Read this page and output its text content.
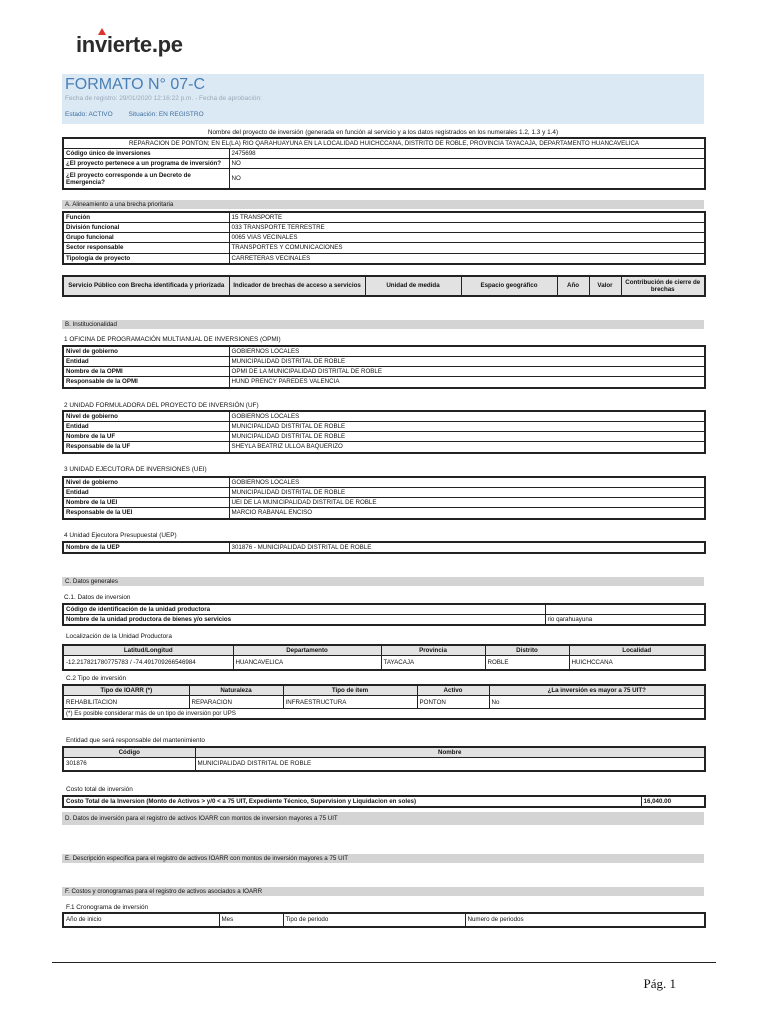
invierte.pe
FORMATO N° 07-C
Fecha de registro: 29/01/2020 12:16:22 p.m. - Fecha de aprobación:
Estado: ACTIVO Situación: EN REGISTRO
Nombre del proyecto de inversión (generada en función al servicio y a los datos registrados en los numerales 1.2, 1.3 y 1.4)
REPARACION DE PONTON; EN EL(LA) RIO QARAHUAYUNA EN LA LOCALIDAD HUICHCCANA, DISTRITO DE ROBLE, PROVINCIA TAYACAJA, DEPARTAMENTO HUANCAVELICA	
Código único de inversiones	2475698
¿El proyecto pertenece a un programa de inversión?	NO
¿El proyecto corresponde a un Decreto de Emergencia?	NO
A. Alineamiento a una brecha prioritaria
Función	15 TRANSPORTE
División funcional	033 TRANSPORTE TERRESTRE
Grupo funcional	0065 VIAS VECINALES
Sector responsable	TRANSPORTES Y COMUNICACIONES
Tipología de proyecto	CARRETERAS VECINALES
Servicio Público con Brecha identificada y priorizada	Indicador de brechas de acceso a servicios	Unidad de medida	Espacio geográfico	Año	Valor	Contribución de cierre de brechas
B. Institucionalidad
1 OFICINA DE PROGRAMACIÓN MULTIANUAL DE INVERSIONES (OPMI)
Nivel de gobierno	GOBIERNOS LOCALES
Entidad	MUNICIPALIDAD DISTRITAL DE ROBLE
Nombre de la OPMI	OPMI DE LA MUNICIPALIDAD DISTRITAL DE ROBLE
Responsable de la OPMI	HUND PRENCY PAREDES VALENCIA
2 UNIDAD FORMULADORA DEL PROYECTO DE INVERSIÓN (UF)
Nivel de gobierno	GOBIERNOS LOCALES
Entidad	MUNICIPALIDAD DISTRITAL DE ROBLE
Nombre de la UF	MUNICIPALIDAD DISTRITAL DE ROBLE
Responsable de la UF	SHEYLA BEATRIZ ULLOA BAQUERIZO
3 UNIDAD EJECUTORA DE INVERSIONES (UEI)
Nivel de gobierno	GOBIERNOS LOCALES
Entidad	MUNICIPALIDAD DISTRITAL DE ROBLE
Nombre de la UEI	UEI DE LA MUNICIPALIDAD DISTRITAL DE ROBLE
Responsable de la UEI	MARCIO RABANAL ENCISO
4 Unidad Ejecutora Presupuestal (UEP)
Nombre de la UEP	301876 - MUNICIPALIDAD DISTRITAL DE ROBLE
C. Datos generales
C.1. Datos de inversion
Código de identificación de la unidad productora	
Nombre de la unidad productora de bienes y/o servicios	rio qarahuayuna
Localización de la Unidad Productora
Latitud/Longitud	Departamento	Provincia	Distrito	Localidad
-12.217821780775783 / -74.491709266546984	HUANCAVELICA	TAYACAJA	ROBLE	HUICHCCANA
C.2 Tipo de inversión
Tipo de IOARR (*)	Naturaleza	Tipo de ítem	Activo	¿La inversión es mayor a 75 UIT?
REHABILITACION	REPARACION	INFRAESTRUCTURA	PONTON	No
(*) Es posible considerar más de un tipo de inversión por UPS				
Entidad que será responsable del mantenimiento
Código	Nombre
301876	MUNICIPALIDAD DISTRITAL DE ROBLE
Costo total de inversión
Costo Total de la Inversion (Monto de Activos > y/0 < a 75 UIT, Expediente Técnico, Supervision y Liquidacion en soles)	16,040.00
D. Datos de inversión para el registro de activos IOARR con montos de inversion mayores a 75 UIT
E. Descripción específica para el registro de activos IOARR con montos de inversión mayores a 75 UIT
F. Costos y cronogramas para el registro de activos asociados a IOARR
F.1 Cronograma de inversión
Año de inicio	Mes	Tipo de periodo	Numero de periodos
Pág. 1
